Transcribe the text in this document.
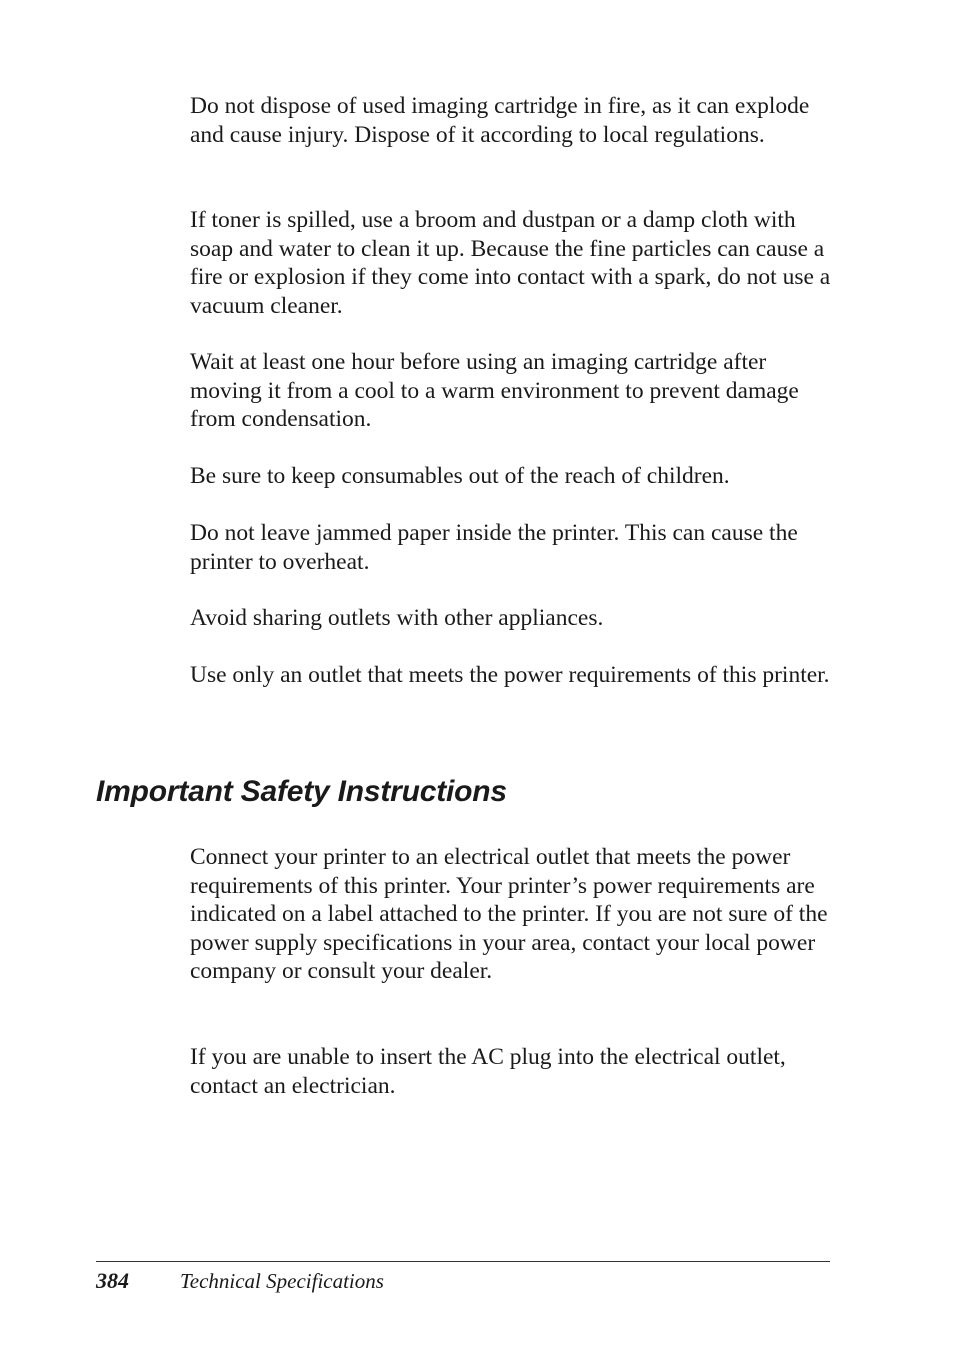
Do not dispose of used imaging cartridge in fire, as it can explode and cause injury. Dispose of it according to local regulations.

If toner is spilled, use a broom and dustpan or a damp cloth with soap and water to clean it up. Because the fine particles can cause a fire or explosion if they come into contact with a spark, do not use a vacuum cleaner.

Wait at least one hour before using an imaging cartridge after moving it from a cool to a warm environment to prevent damage from condensation.

Be sure to keep consumables out of the reach of children.

Do not leave jammed paper inside the printer. This can cause the printer to overheat.

Avoid sharing outlets with other appliances.

Use only an outlet that meets the power requirements of this printer.

Important Safety Instructions

Connect your printer to an electrical outlet that meets the power requirements of this printer. Your printer’s power requirements are indicated on a label attached to the printer. If you are not sure of the power supply specifications in your area, contact your local power company or consult your dealer.

If you are unable to insert the AC plug into the electrical outlet, contact an electrician.

384 Technical Specifications
